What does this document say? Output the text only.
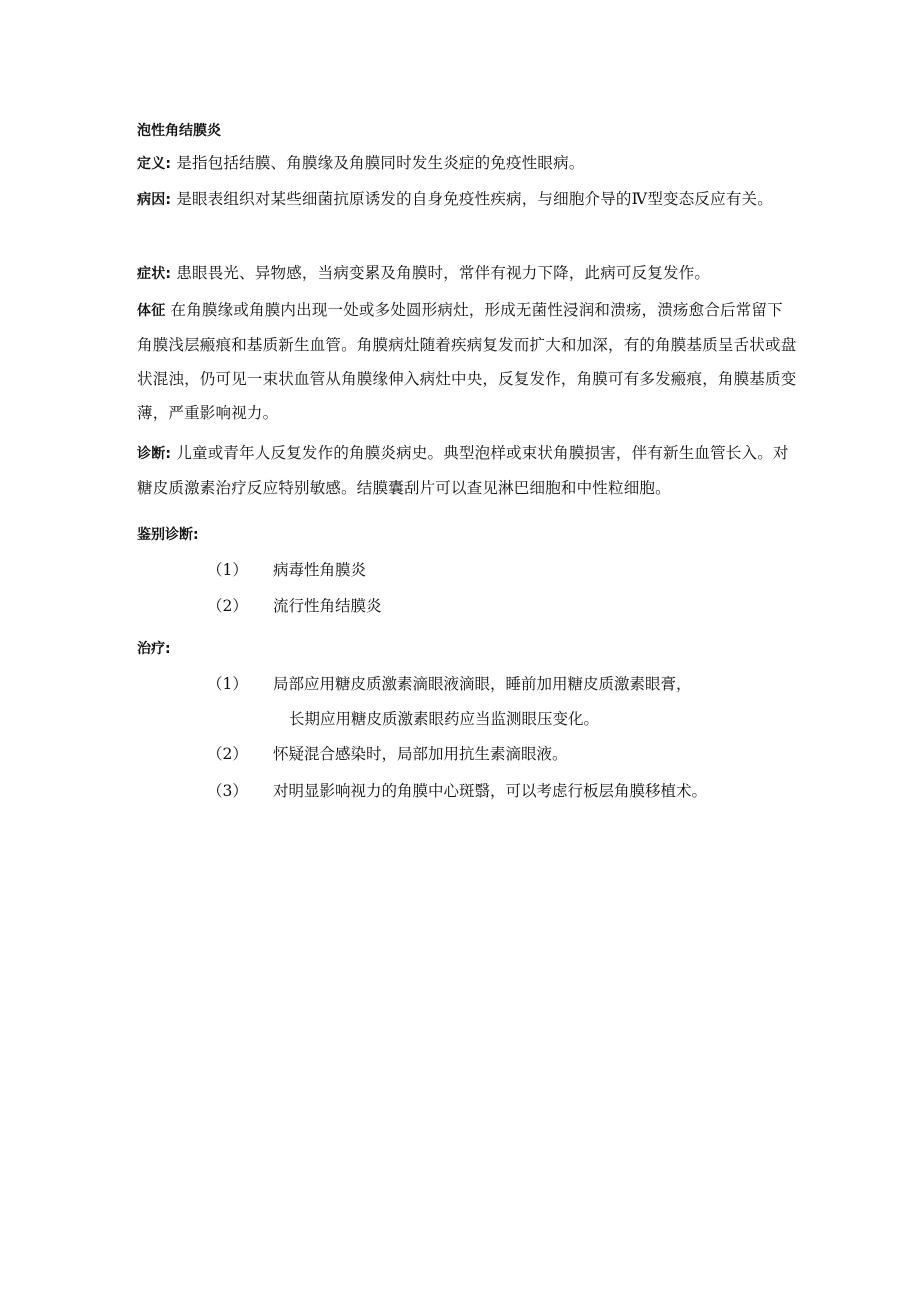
泡性角结膜炎
定义: 是指包括结膜、角膜缘及角膜同时发生炎症的免疫性眼病。
病因: 是眼表组织对某些细菌抗原诱发的自身免疫性疾病，与细胞介导的Ⅳ型变态反应有关。
症状: 患眼畏光、异物感，当病变累及角膜时，常伴有视力下降，此病可反复发作。
体征 在角膜缘或角膜内出现一处或多处圆形病灶，形成无菌性浸润和溃疡，溃疡愈合后常留下角膜浅层瘢痕和基质新生血管。角膜病灶随着疾病复发而扩大和加深，有的角膜基质呈舌状或盘状混浊，仍可见一束状血管从角膜缘伸入病灶中央，反复发作，角膜可有多发瘢痕，角膜基质变薄，严重影响视力。
诊断: 儿童或青年人反复发作的角膜炎病史。典型泡样或束状角膜损害，伴有新生血管长入。对糖皮质激素治疗反应特别敏感。结膜囊刮片可以查见淋巴细胞和中性粒细胞。
鉴别诊断:
（1） 病毒性角膜炎
（2） 流行性角结膜炎
治疗:
（1） 局部应用糖皮质激素滴眼液滴眼，睡前加用糖皮质激素眼膏，
长期应用糖皮质激素眼药应当监测眼压变化。
（2） 怀疑混合感染时，局部加用抗生素滴眼液。
（3） 对明显影响视力的角膜中心斑翳，可以考虑行板层角膜移植术。
